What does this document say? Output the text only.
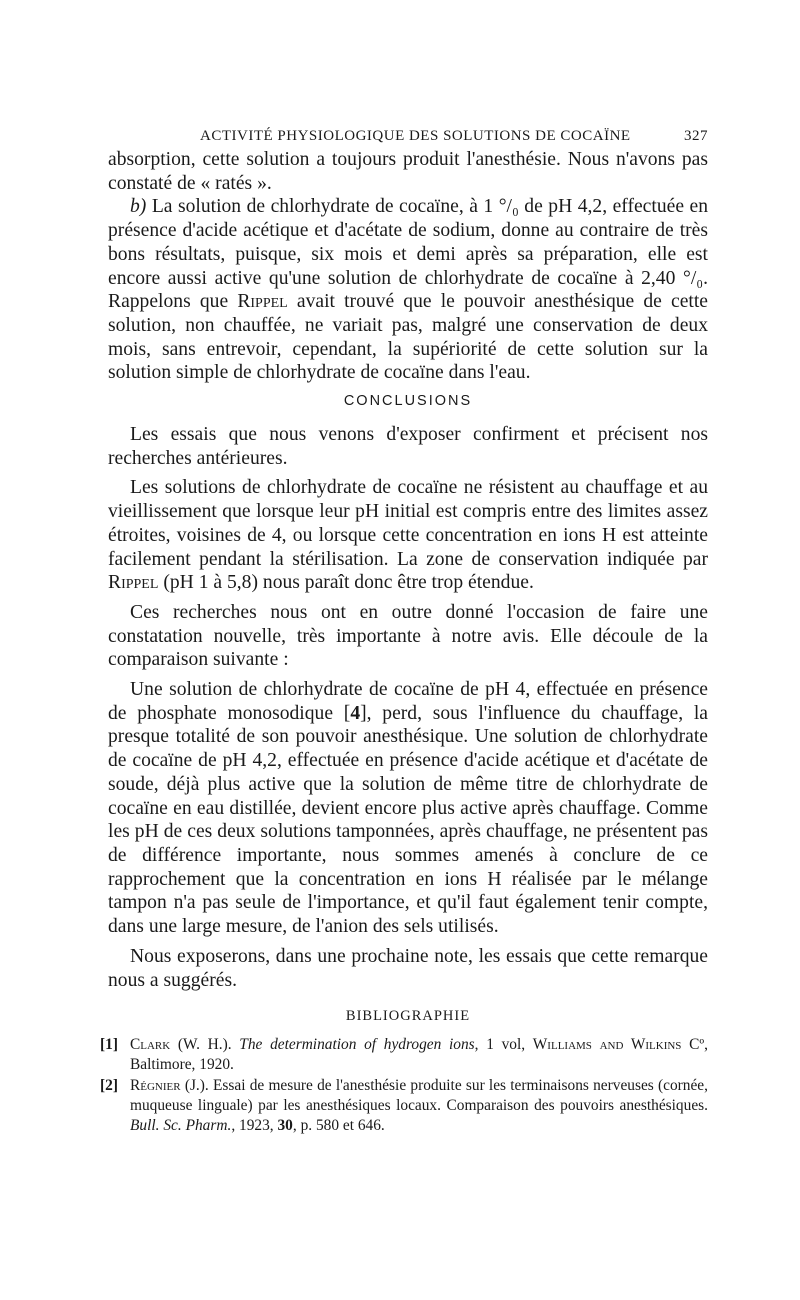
ACTIVITÉ PHYSIOLOGIQUE DES SOLUTIONS DE COCAÏNE	327

absorption, cette solution a toujours produit l'anesthésie. Nous n'avons pas constaté de « ratés ».

b) La solution de chlorhydrate de cocaïne, à 1 °/₀ de pH 4,2, effectuée en présence d'acide acétique et d'acétate de sodium, donne au contraire de très bons résultats, puisque, six mois et demi après sa préparation, elle est encore aussi active qu'une solution de chlorhydrate de cocaïne à 2,40 °/₀. Rappelons que Rippel avait trouvé que le pouvoir anesthésique de cette solution, non chauffée, ne variait pas, malgré une conservation de deux mois, sans entrevoir, cependant, la supériorité de cette solution sur la solution simple de chlorhydrate de cocaïne dans l'eau.

CONCLUSIONS

Les essais que nous venons d'exposer confirment et précisent nos recherches antérieures.

Les solutions de chlorhydrate de cocaïne ne résistent au chauffage et au vieillissement que lorsque leur pH initial est compris entre des limites assez étroites, voisines de 4, ou lorsque cette concentration en ions H est atteinte facilement pendant la stérilisation. La zone de conservation indiquée par Rippel (pH 1 à 5,8) nous paraît donc être trop étendue.

Ces recherches nous ont en outre donné l'occasion de faire une constatation nouvelle, très importante à notre avis. Elle découle de la comparaison suivante :

Une solution de chlorhydrate de cocaïne de pH 4, effectuée en présence de phosphate monosodique [4], perd, sous l'influence du chauffage, la presque totalité de son pouvoir anesthésique. Une solution de chlorhydrate de cocaïne de pH 4,2, effectuée en présence d'acide acétique et d'acétate de soude, déjà plus active que la solution de même titre de chlorhydrate de cocaïne en eau distillée, devient encore plus active après chauffage. Comme les pH de ces deux solutions tamponnées, après chauffage, ne présentent pas de différence importante, nous sommes amenés à conclure de ce rapprochement que la concentration en ions H réalisée par le mélange tampon n'a pas seule de l'importance, et qu'il faut également tenir compte, dans une large mesure, de l'anion des sels utilisés.

Nous exposerons, dans une prochaine note, les essais que cette remarque nous a suggérés.

BIBLIOGRAPHIE
[1] Clark (W. H.). The determination of hydrogen ions, 1 vol, Williams and Wilkins Cº, Baltimore, 1920.
[2] Régnier (J.). Essai de mesure de l'anesthésie produite sur les terminaisons nerveuses (cornée, muqueuse linguale) par les anesthésiques locaux. Comparaison des pouvoirs anesthésiques. Bull. Sc. Pharm., 1923, 30, p. 580 et 646.
